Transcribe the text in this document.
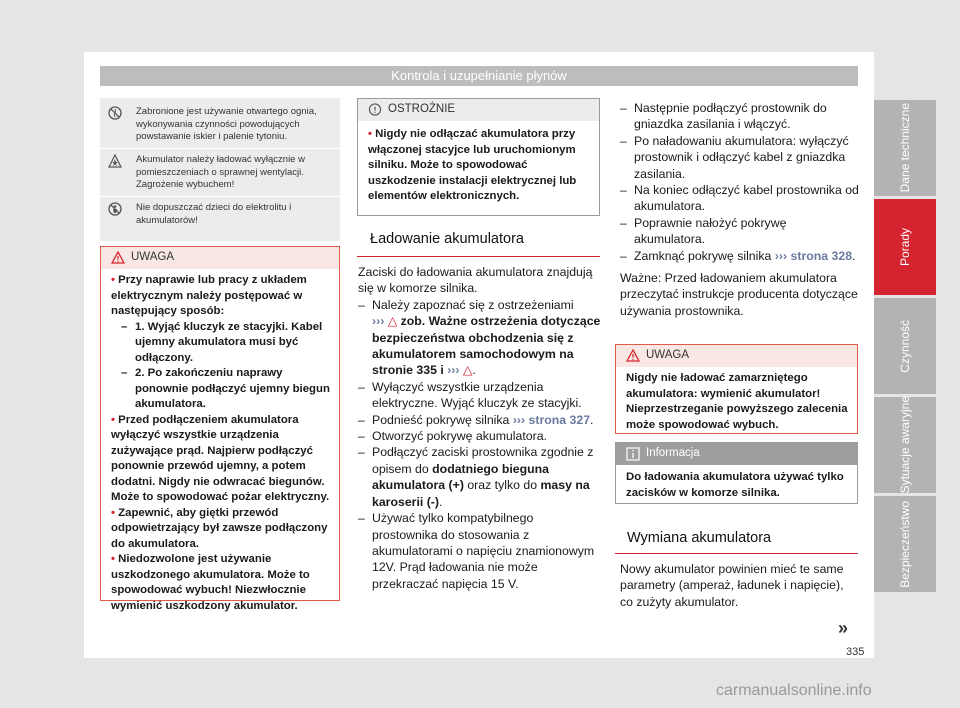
Kontrola i uzupełnianie płynów
Dane techniczne
Porady
Czynność
Sytuacje awaryjne
Bezpieczeństwo
Zabronione jest używanie otwartego ognia, wykonywania czynności powodujących powstawanie iskier i palenie tytoniu.
Akumulator należy ładować wyłącznie w pomieszczeniach o sprawnej wentylacji. Zagrożenie wybuchem!
Nie dopuszczać dzieci do elektrolitu i akumulatorów!
UWAGA
• Przy naprawie lub pracy z układem elektrycznym należy postępować w następujący sposób:
– 1. Wyjąć kluczyk ze stacyjki. Kabel ujemny akumulatora musi być odłączony.
– 2. Po zakończeniu naprawy ponownie podłączyć ujemny biegun akumulatora.
• Przed podłączeniem akumulatora wyłączyć wszystkie urządzenia zużywające prąd. Najpierw podłączyć ponownie przewód ujemny, a potem dodatni. Nigdy nie odwracać biegunów. Może to spowodować pożar elektryczny.
• Zapewnić, aby giętki przewód odpowietrzający był zawsze podłączony do akumulatora.
• Niedozwolone jest używanie uszkodzonego akumulatora. Może to spowodować wybuch! Niezwłocznie wymienić uszkodzony akumulator.
OSTROŻNIE
• Nigdy nie odłączać akumulatora przy włączonej stacyjce lub uruchomionym silniku. Może to spowodować uszkodzenie instalacji elektrycznej lub elementów elektronicznych.
Ładowanie akumulatora
Zaciski do ładowania akumulatora znajdują się w komorze silnika.
– Należy zapoznać się z ostrzeżeniami
››› △ zob. Ważne ostrzeżenia dotyczące bezpieczeństwa obchodzenia się z akumulatorem samochodowym na stronie 335 i ››› △.
– Wyłączyć wszystkie urządzenia elektryczne. Wyjąć kluczyk ze stacyjki.
– Podnieść pokrywę silnika ››› strona 327.
– Otworzyć pokrywę akumulatora.
– Podłączyć zaciski prostownika zgodnie z opisem do dodatniego bieguna akumulatora (+) oraz tylko do masy na karoserii (-).
– Używać tylko kompatybilnego prostownika do stosowania z akumulatorami o napięciu znamionowym 12V. Prąd ładowania nie może przekraczać napięcia 15 V.
– Następnie podłączyć prostownik do gniazdka zasilania i włączyć.
– Po naładowaniu akumulatora: wyłączyć prostownik i odłączyć kabel z gniazdka zasilania.
– Na koniec odłączyć kabel prostownika od akumulatora.
– Poprawnie nałożyć pokrywę akumulatora.
– Zamknąć pokrywę silnika ››› strona 328.
Ważne: Przed ładowaniem akumulatora przeczytać instrukcje producenta dotyczące używania prostownika.
UWAGA
Nigdy nie ładować zamarzniętego akumulatora: wymienić akumulator! Nieprzestrzeganie powyższego zalecenia może spowodować wybuch.
Informacja
Do ładowania akumulatora używać tylko zacisków w komorze silnika.
Wymiana akumulatora
Nowy akumulator powinien mieć te same parametry (amperaż, ładunek i napięcie), co zużyty akumulator.
»
335
carmanualsonline.info
